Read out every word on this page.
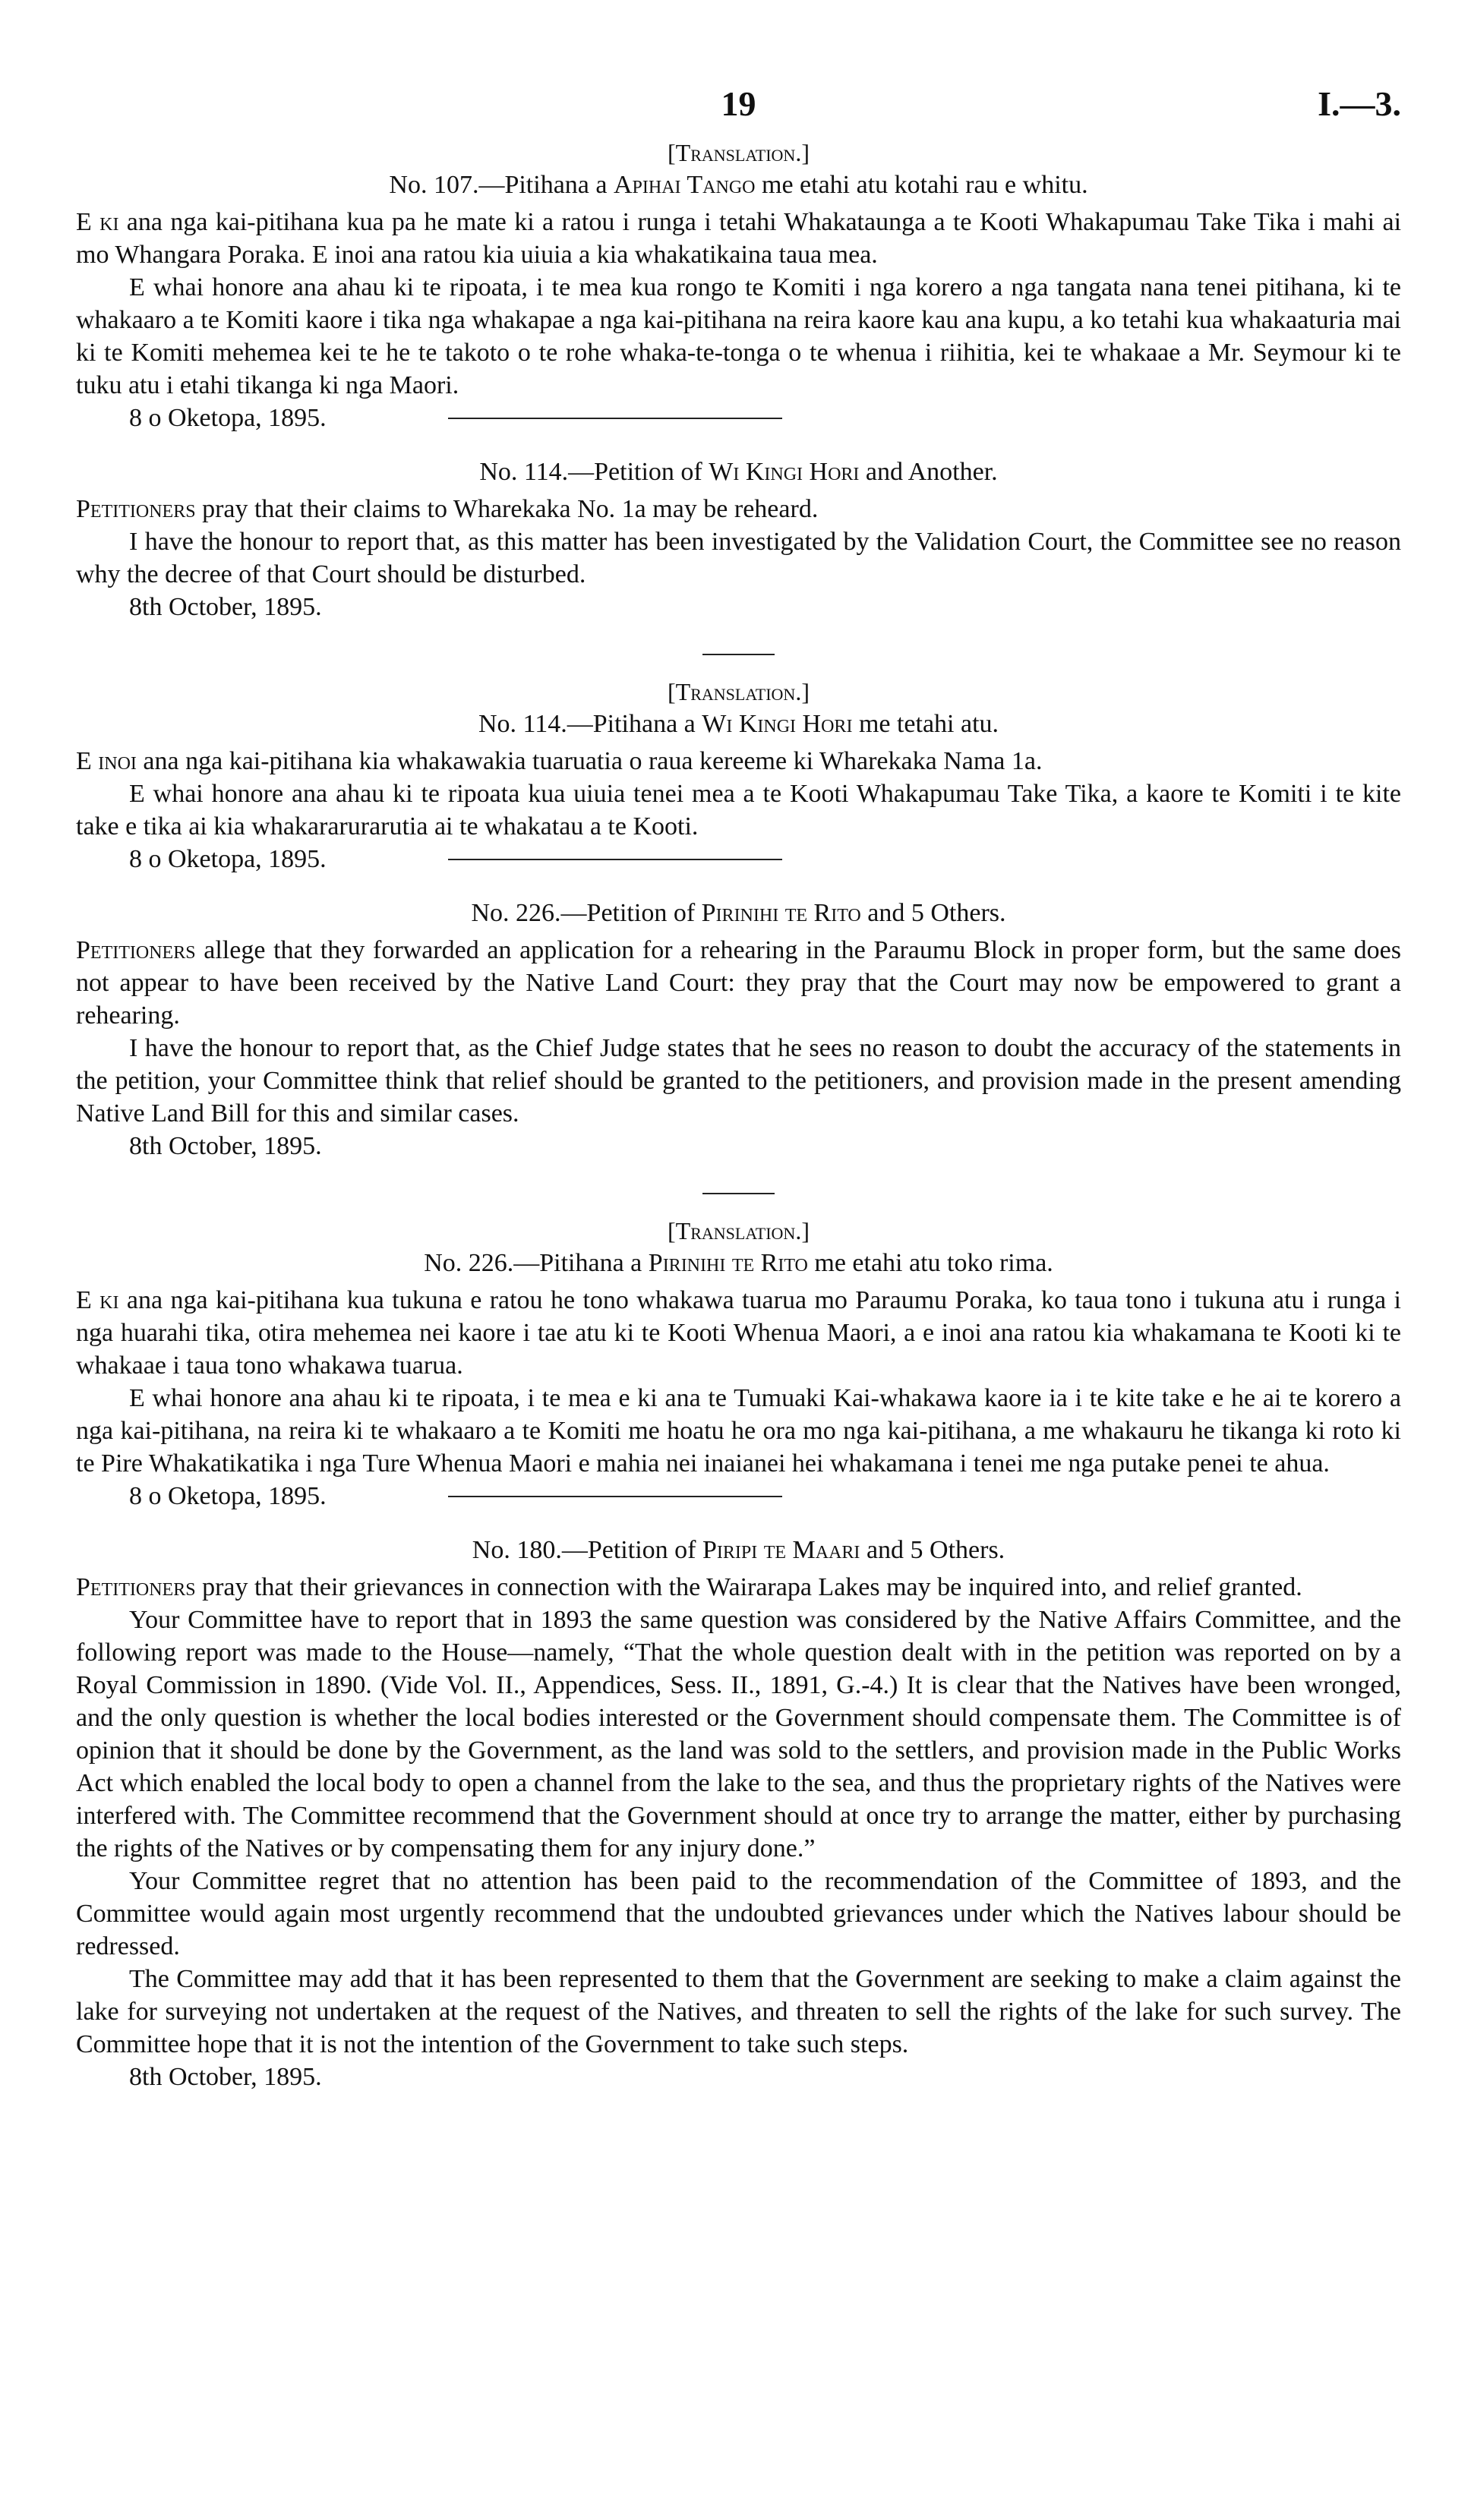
19	I.—3.
[Translation.]
No. 107.—Pitihana a Apihai Tango me etahi atu kotahi rau e whitu.

E ki ana nga kai-pitihana kua pa he mate ki a ratou i runga i tetahi Whakataunga a te Kooti Whakapumau Take Tika i mahi ai mo Whangara Poraka. E inoi ana ratou kia uiuia a kia whakatikaina taua mea.

E whai honore ana ahau ki te ripoata, i te mea kua rongo te Komiti i nga korero a nga tangata nana tenei pitihana, ki te whakaaro a te Komiti kaore i tika nga whakapae a nga kai-pitihana na reira kaore kau ana kupu, a ko tetahi kua whakaaturia mai ki te Komiti mehemea kei te he te takoto o te rohe whaka-te-tonga o te whenua i riihitia, kei te whakaae a Mr. Seymour ki te tuku atu i etahi tikanga ki nga Maori.

8 o Oketopa, 1895.

No. 114.—Petition of Wi Kingi Hori and Another.

Petitioners pray that their claims to Wharekaka No. 1a may be reheard.

I have the honour to report that, as this matter has been investigated by the Validation Court, the Committee see no reason why the decree of that Court should be disturbed.

8th October, 1895.

[Translation.]
No. 114.—Pitihana a Wi Kingi Hori me tetahi atu.

E inoi ana nga kai-pitihana kia whakawakia tuaruatia o raua kereeme ki Wharekaka Nama 1a.

E whai honore ana ahau ki te ripoata kua uiuia tenei mea a te Kooti Whakapumau Take Tika, a kaore te Komiti i te kite take e tika ai kia whakararurarutia ai te whakatau a te Kooti.

8 o Oketopa, 1895.

No. 226.—Petition of Pirinihi te Rito and 5 Others.

Petitioners allege that they forwarded an application for a rehearing in the Paraumu Block in proper form, but the same does not appear to have been received by the Native Land Court: they pray that the Court may now be empowered to grant a rehearing.

I have the honour to report that, as the Chief Judge states that he sees no reason to doubt the accuracy of the statements in the petition, your Committee think that relief should be granted to the petitioners, and provision made in the present amending Native Land Bill for this and similar cases.

8th October, 1895.

[Translation.]
No. 226.—Pitihana a Pirinihi te Rito me etahi atu toko rima.

E ki ana nga kai-pitihana kua tukuna e ratou he tono whakawa tuarua mo Paraumu Poraka, ko taua tono i tukuna atu i runga i nga huarahi tika, otira mehemea nei kaore i tae atu ki te Kooti Whenua Maori, a e inoi ana ratou kia whakamana te Kooti ki te whakaae i taua tono whakawa tuarua.

E whai honore ana ahau ki te ripoata, i te mea e ki ana te Tumuaki Kai-whakawa kaore ia i te kite take e he ai te korero a nga kai-pitihana, na reira ki te whakaaro a te Komiti me hoatu he ora mo nga kai-pitihana, a me whakauru he tikanga ki roto ki te Pire Whakatikatika i nga Ture Whenua Maori e mahia nei inaianei hei whakamana i tenei me nga putake penei te ahua.

8 o Oketopa, 1895.

No. 180.—Petition of Piripi te Maari and 5 Others.

Petitioners pray that their grievances in connection with the Wairarapa Lakes may be inquired into, and relief granted.

Your Committee have to report that in 1893 the same question was considered by the Native Affairs Committee, and the following report was made to the House—namely, “That the whole question dealt with in the petition was reported on by a Royal Commission in 1890. (Vide Vol. II., Appendices, Sess. II., 1891, G.-4.) It is clear that the Natives have been wronged, and the only question is whether the local bodies interested or the Government should compensate them. The Committee is of opinion that it should be done by the Government, as the land was sold to the settlers, and provision made in the Public Works Act which enabled the local body to open a channel from the lake to the sea, and thus the proprietary rights of the Natives were interfered with. The Committee recommend that the Government should at once try to arrange the matter, either by purchasing the rights of the Natives or by compensating them for any injury done.”

Your Committee regret that no attention has been paid to the recommendation of the Committee of 1893, and the Committee would again most urgently recommend that the undoubted grievances under which the Natives labour should be redressed.

The Committee may add that it has been represented to them that the Government are seeking to make a claim against the lake for surveying not undertaken at the request of the Natives, and threaten to sell the rights of the lake for such survey. The Committee hope that it is not the intention of the Government to take such steps.

8th October, 1895.
